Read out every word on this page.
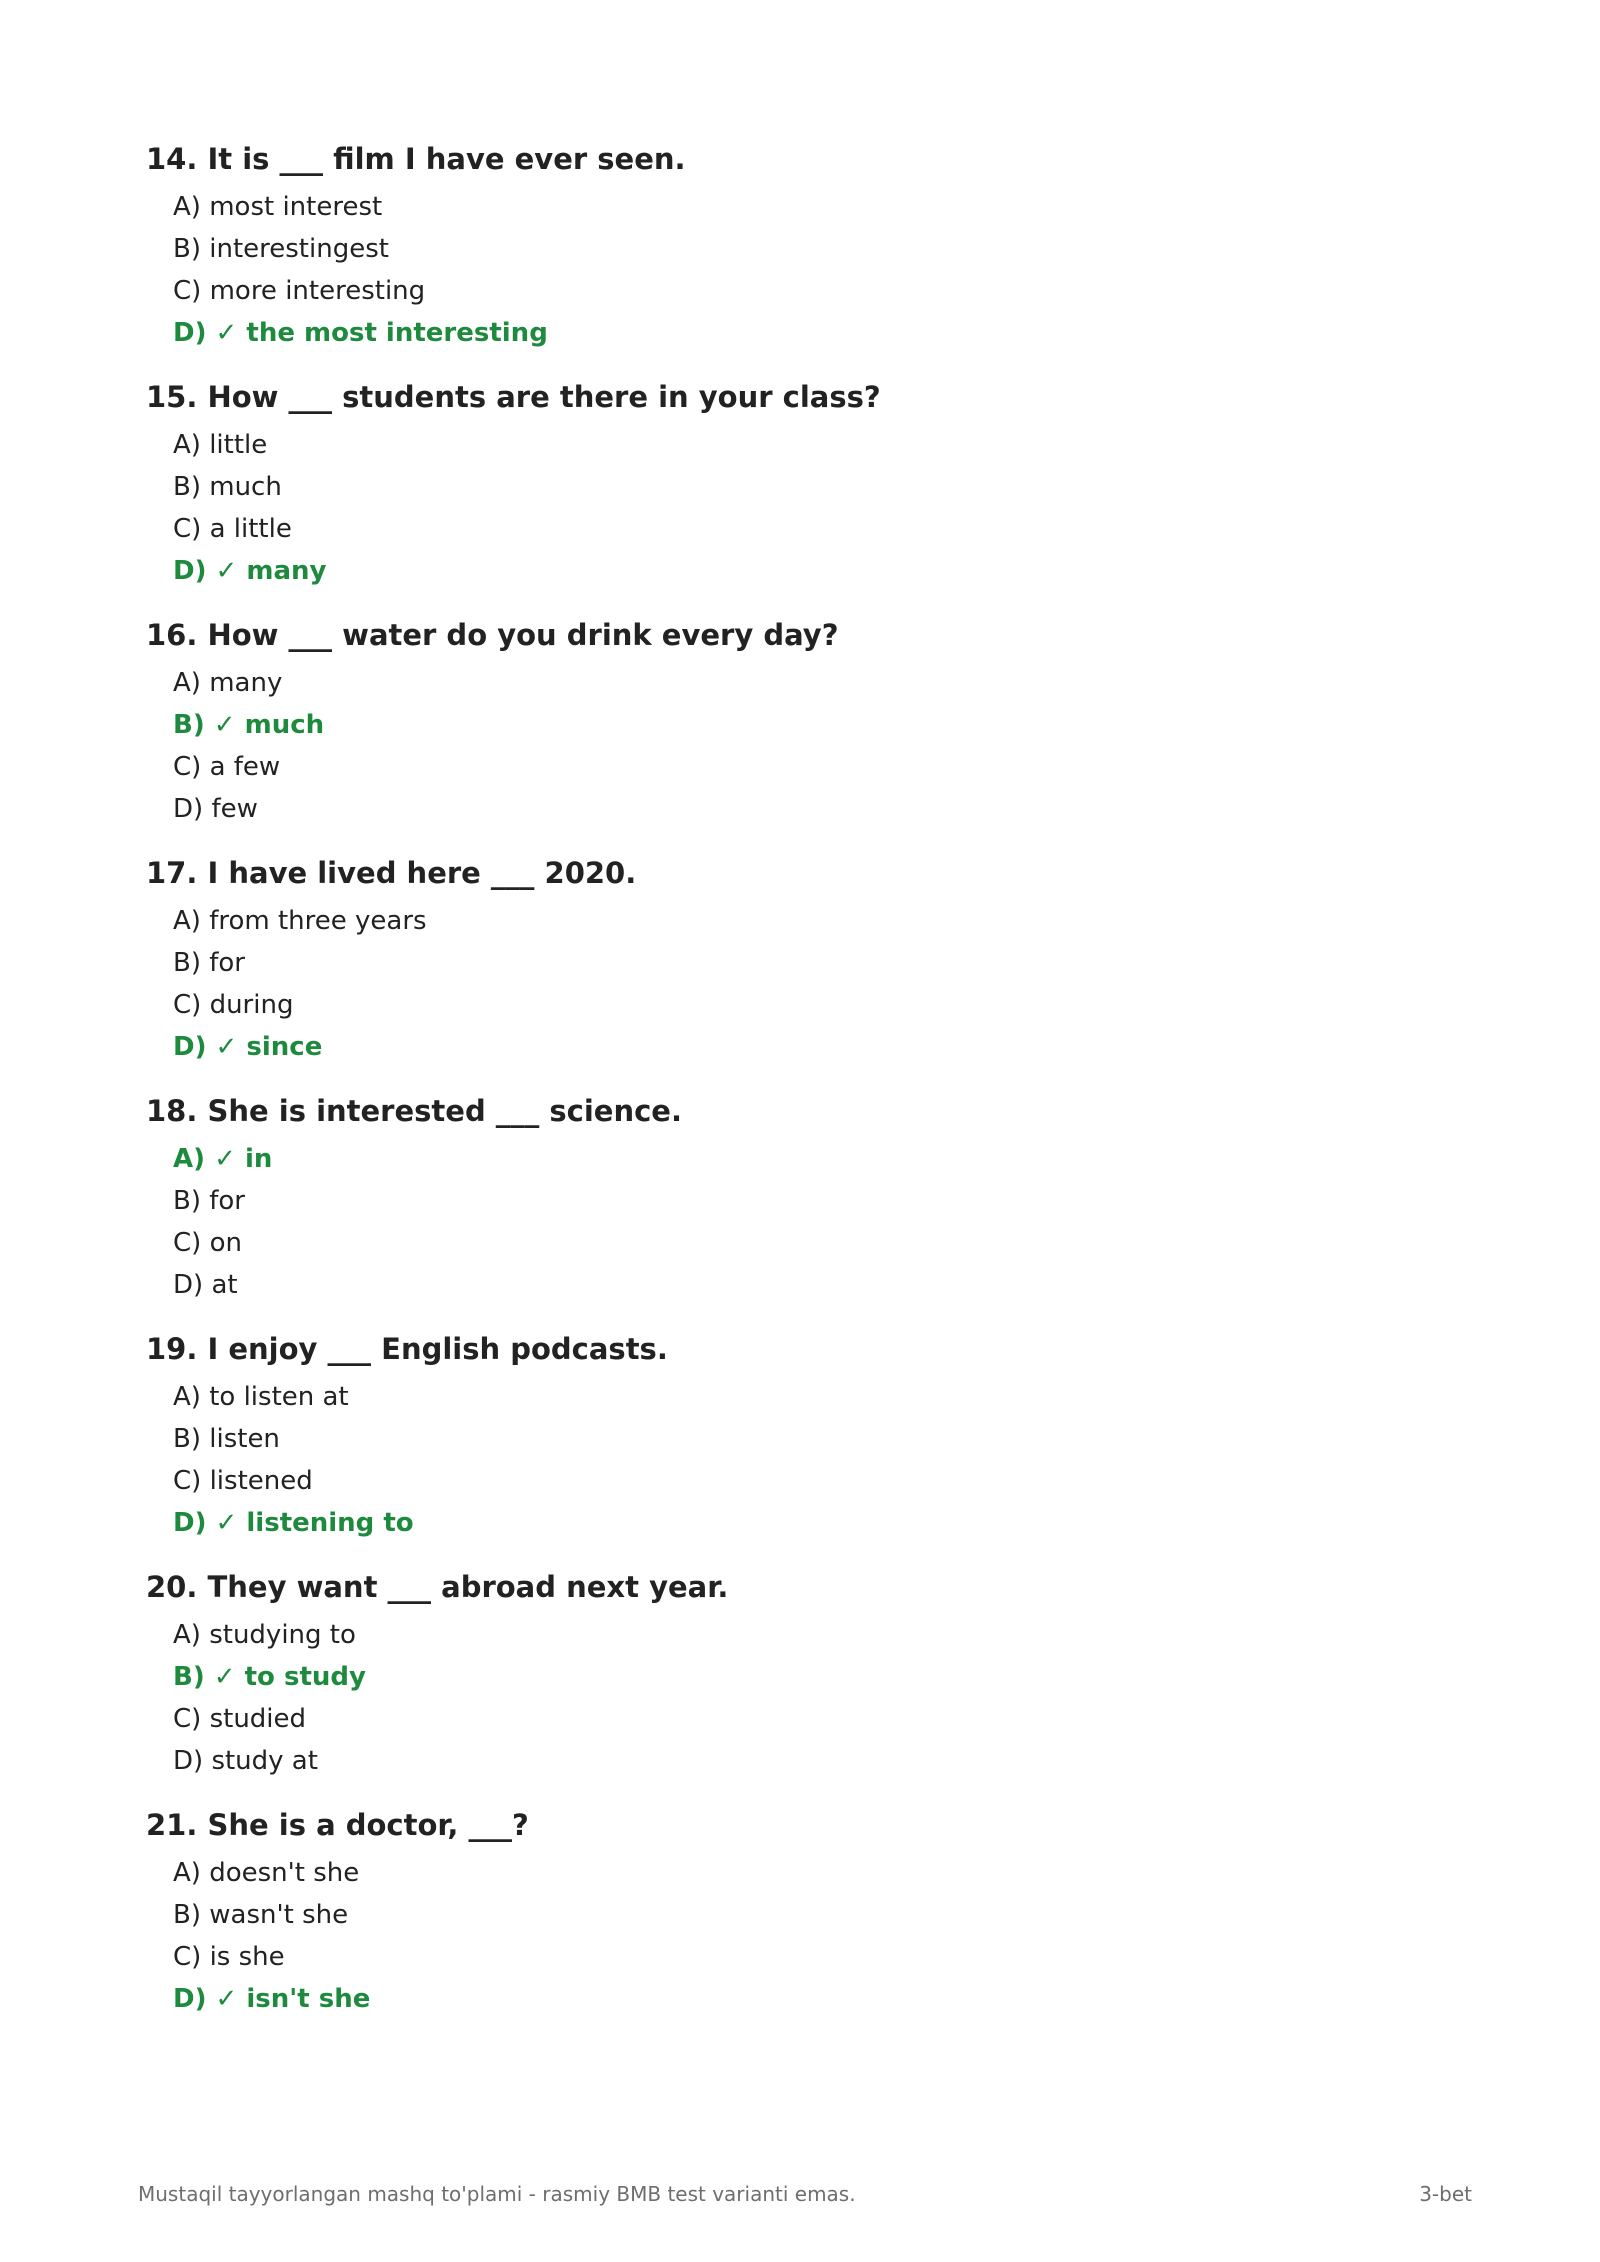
14. It is ___ film I have ever seen.
A) most interest
B) interestingest
C) more interesting
D) ✓ the most interesting
15. How ___ students are there in your class?
A) little
B) much
C) a little
D) ✓ many
16. How ___ water do you drink every day?
A) many
B) ✓ much
C) a few
D) few
17. I have lived here ___ 2020.
A) from three years
B) for
C) during
D) ✓ since
18. She is interested ___ science.
A) ✓ in
B) for
C) on
D) at
19. I enjoy ___ English podcasts.
A) to listen at
B) listen
C) listened
D) ✓ listening to
20. They want ___ abroad next year.
A) studying to
B) ✓ to study
C) studied
D) study at
21. She is a doctor, ___?
A) doesn't she
B) wasn't she
C) is she
D) ✓ isn't she
Mustaqil tayyorlangan mashq to'plami - rasmiy BMB test varianti emas.	3-bet
